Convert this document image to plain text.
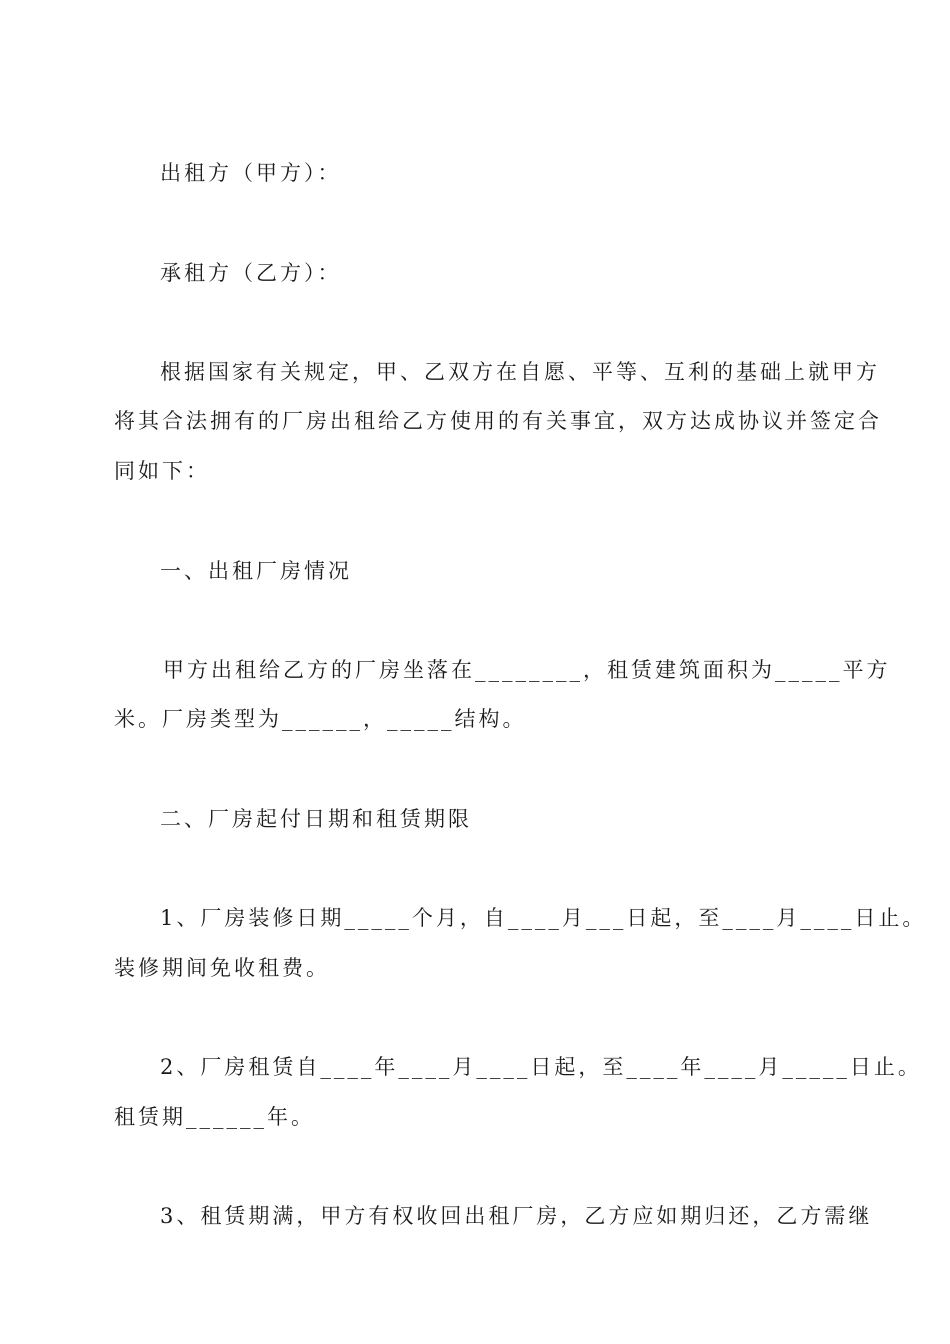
出租方（甲方）：
承租方（乙方）：
根据国家有关规定，甲、乙双方在自愿、平等、互利的基础上就甲方
将其合法拥有的厂房出租给乙方使用的有关事宜，双方达成协议并签定合
同如下：
一、出租厂房情况
甲方出租给乙方的厂房坐落在________，租赁建筑面积为_____平方
米。厂房类型为______，_____结构。
二、厂房起付日期和租赁期限
1、厂房装修日期_____个月，自____月___日起，至____月____日止。
装修期间免收租费。
2、厂房租赁自____年____月____日起，至____年____月_____日止。
租赁期______年。
3、租赁期满，甲方有权收回出租厂房，乙方应如期归还，乙方需继
